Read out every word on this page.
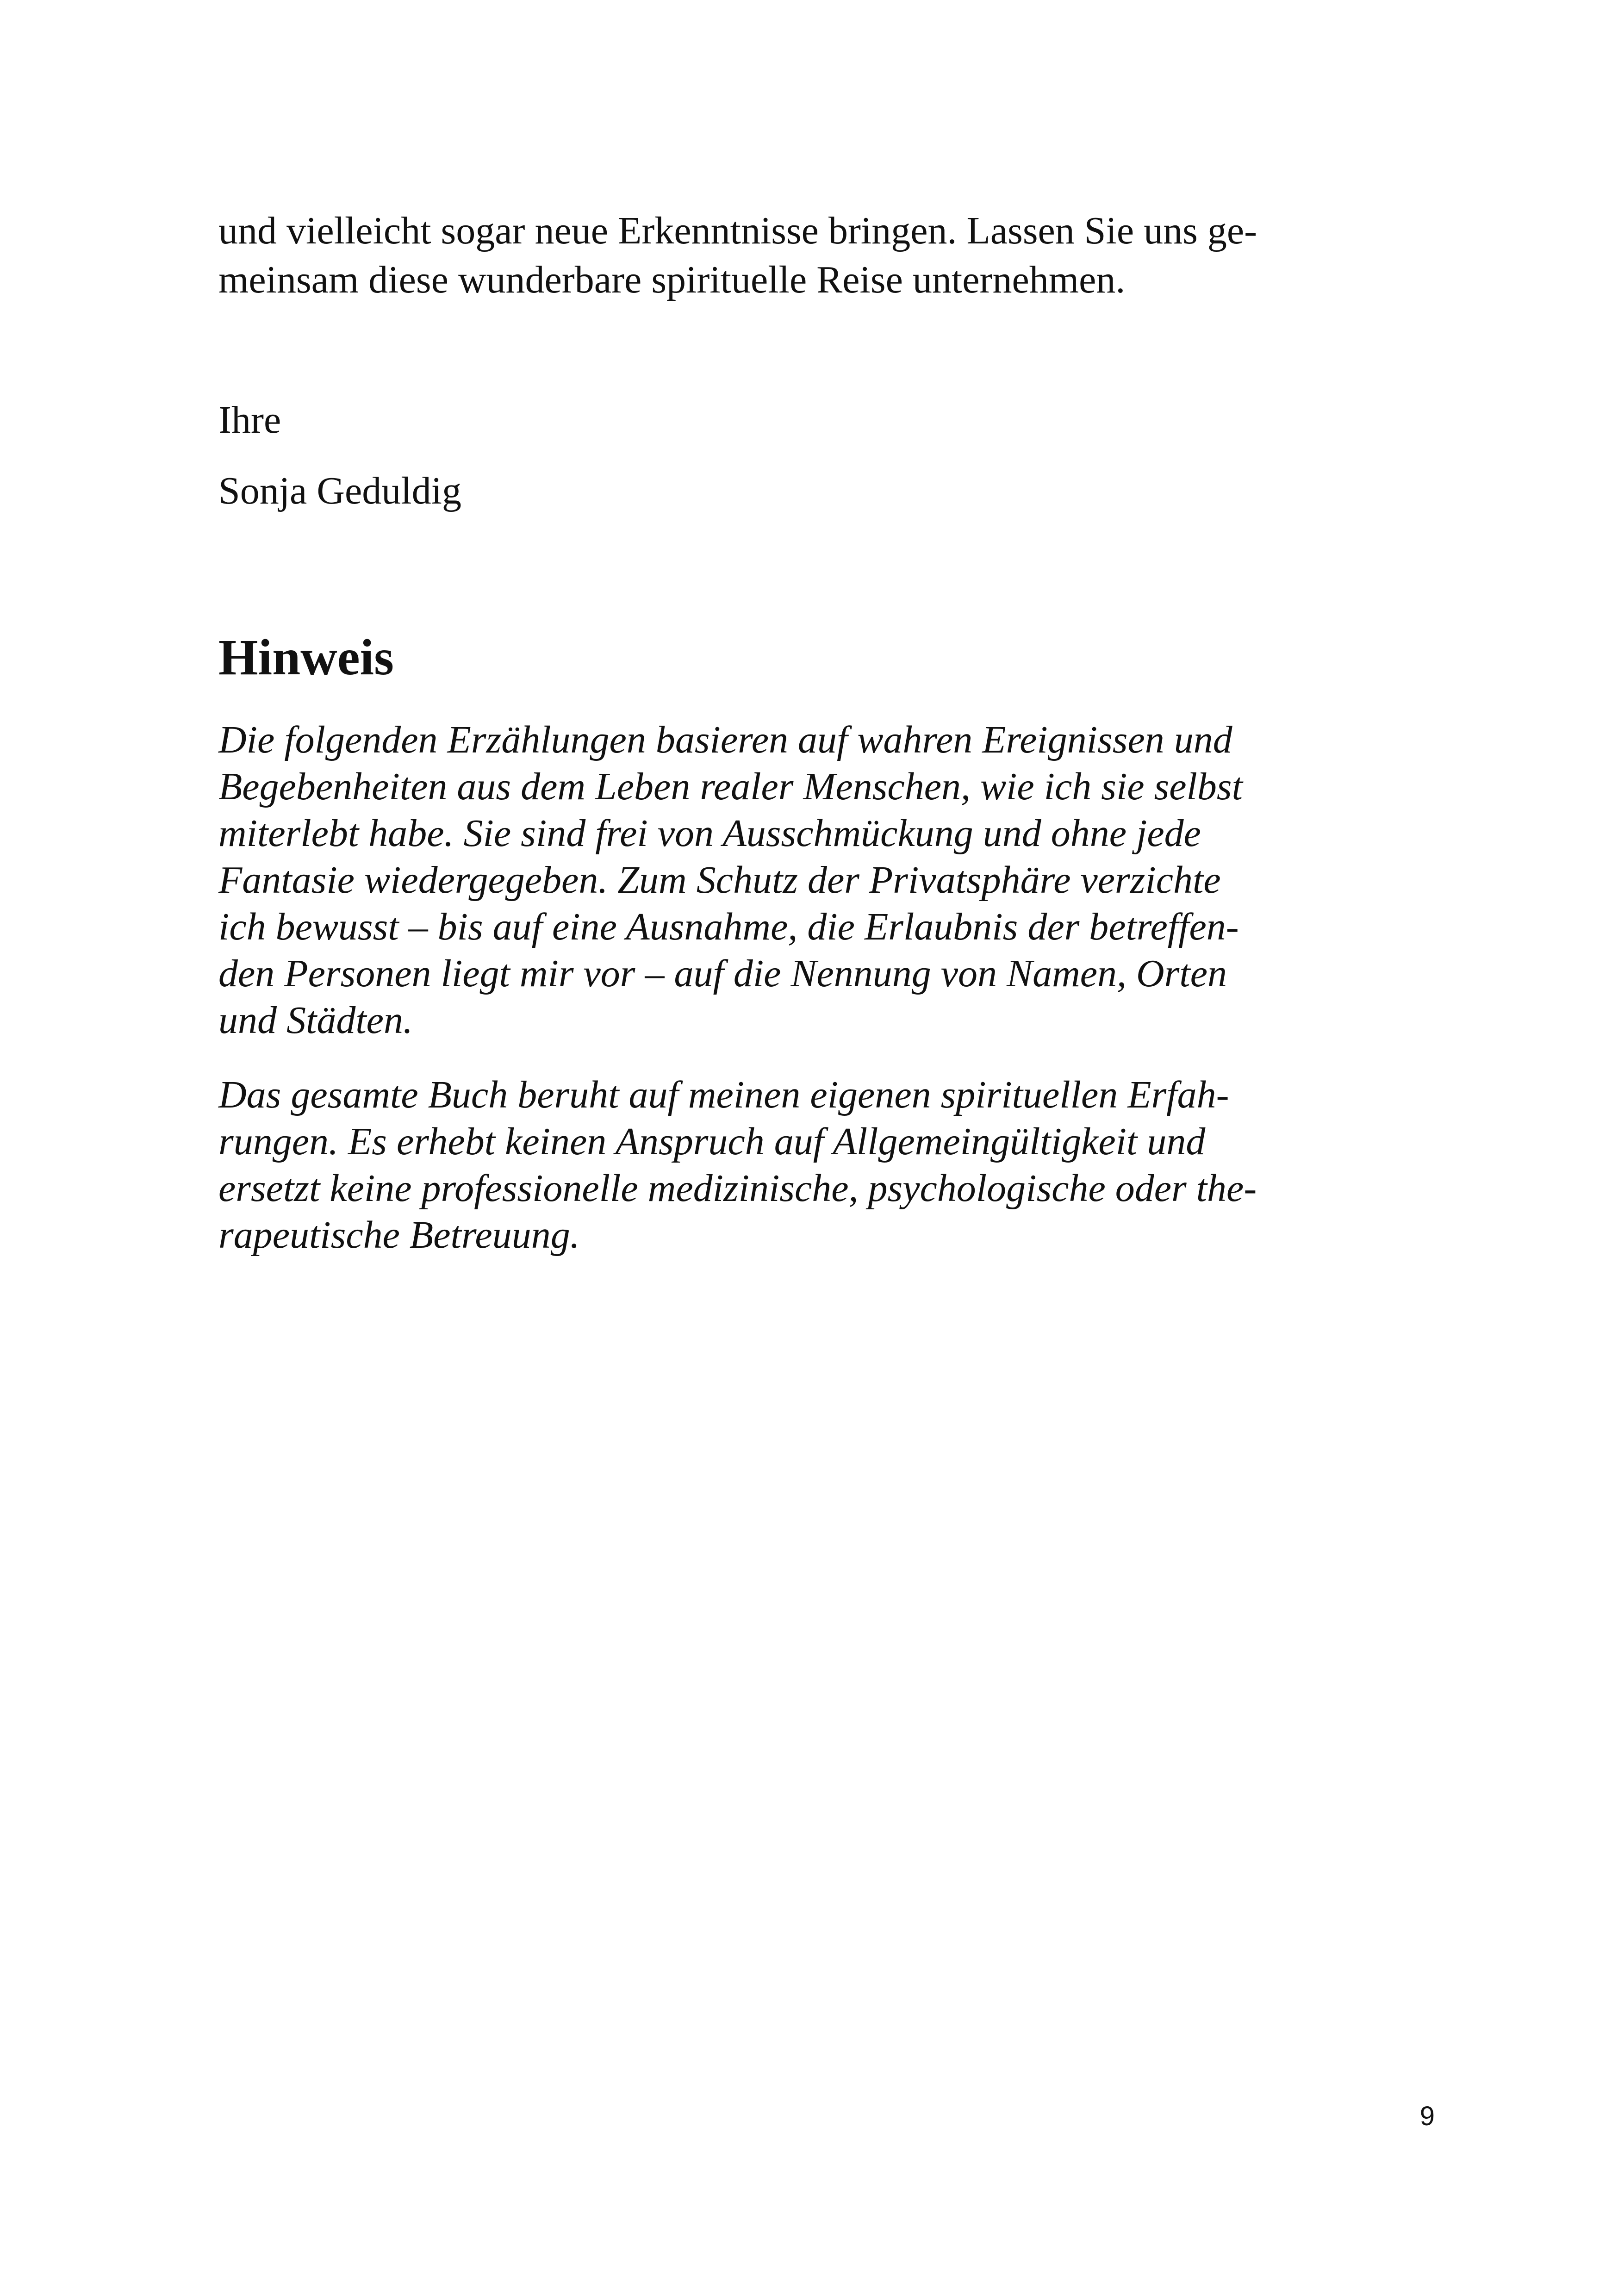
und vielleicht sogar neue Erkenntnisse bringen. Lassen Sie uns ge-
meinsam diese wunderbare spirituelle Reise unternehmen.

Ihre

Sonja Geduldig

Hinweis

Die folgenden Erzählungen basieren auf wahren Ereignissen und
Begebenheiten aus dem Leben realer Menschen, wie ich sie selbst
miterlebt habe. Sie sind frei von Ausschmückung und ohne jede
Fantasie wiedergegeben. Zum Schutz der Privatsphäre verzichte
ich bewusst – bis auf eine Ausnahme, die Erlaubnis der betreffen-
den Personen liegt mir vor – auf die Nennung von Namen, Orten
und Städten.

Das gesamte Buch beruht auf meinen eigenen spirituellen Erfah-
rungen. Es erhebt keinen Anspruch auf Allgemeingültigkeit und
ersetzt keine professionelle medizinische, psychologische oder the-
rapeutische Betreuung.

9
